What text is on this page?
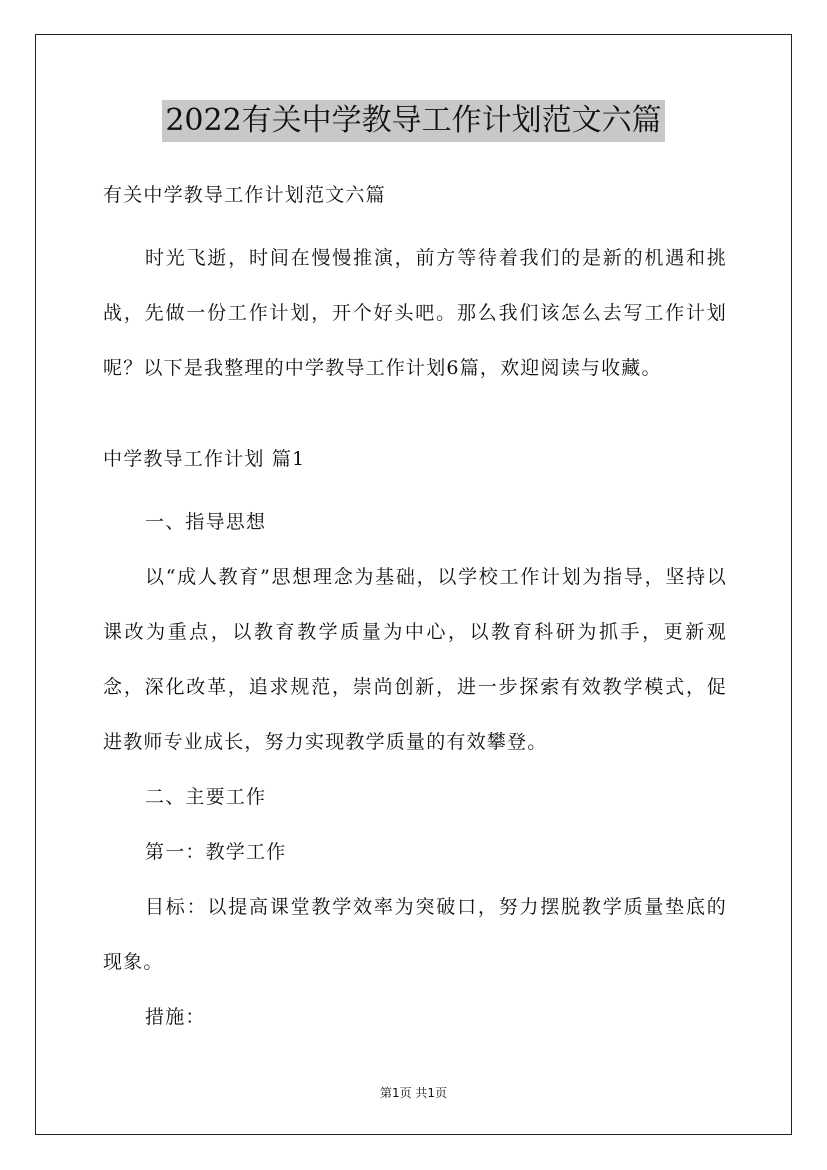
2022有关中学教导工作计划范文六篇
有关中学教导工作计划范文六篇

时光飞逝，时间在慢慢推演，前方等待着我们的是新的机遇和挑战，先做一份工作计划，开个好头吧。那么我们该怎么去写工作计划呢？以下是我整理的中学教导工作计划6篇，欢迎阅读与收藏。

中学教导工作计划 篇1

一、指导思想

以“成人教育”思想理念为基础，以学校工作计划为指导，坚持以课改为重点，以教育教学质量为中心，以教育科研为抓手，更新观念，深化改革，追求规范，崇尚创新，进一步探索有效教学模式，促进教师专业成长，努力实现教学质量的有效攀登。

二、主要工作

第一：教学工作

目标：以提高课堂教学效率为突破口，努力摆脱教学质量垫底的现象。

措施：

第1页 共1页
